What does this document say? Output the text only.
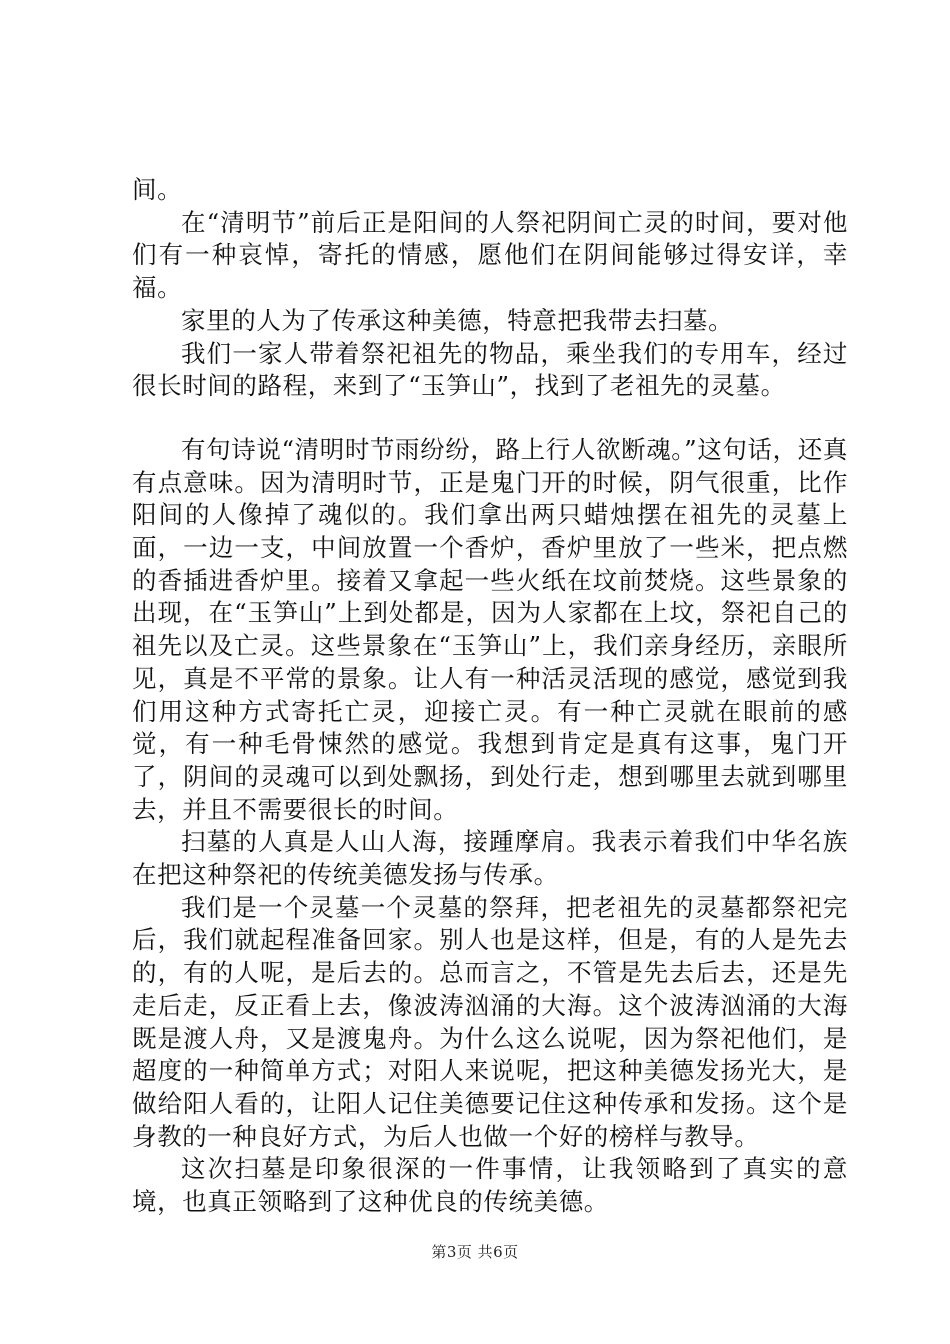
间。

在“清明节”前后正是阳间的人祭祀阴间亡灵的时间，要对他们有一种哀悼，寄托的情感，愿他们在阴间能够过得安详，幸福。

家里的人为了传承这种美德，特意把我带去扫墓。

我们一家人带着祭祀祖先的物品，乘坐我们的专用车，经过很长时间的路程，来到了“玉笋山”，找到了老祖先的灵墓。

有句诗说“清明时节雨纷纷，路上行人欲断魂。”这句话，还真有点意味。因为清明时节，正是鬼门开的时候，阴气很重，比作阳间的人像掉了魂似的。我们拿出两只蜡烛摆在祖先的灵墓上面，一边一支，中间放置一个香炉，香炉里放了一些米，把点燃的香插进香炉里。接着又拿起一些火纸在坟前焚烧。这些景象的出现，在“玉笋山”上到处都是，因为人家都在上坟，祭祀自己的祖先以及亡灵。这些景象在“玉笋山”上，我们亲身经历，亲眼所见，真是不平常的景象。让人有一种活灵活现的感觉，感觉到我们用这种方式寄托亡灵，迎接亡灵。有一种亡灵就在眼前的感觉，有一种毛骨悚然的感觉。我想到肯定是真有这事，鬼门开了，阴间的灵魂可以到处飘扬，到处行走，想到哪里去就到哪里去，并且不需要很长的时间。

扫墓的人真是人山人海，接踵摩肩。我表示着我们中华名族在把这种祭祀的传统美德发扬与传承。

我们是一个灵墓一个灵墓的祭拜，把老祖先的灵墓都祭祀完后，我们就起程准备回家。别人也是这样，但是，有的人是先去的，有的人呢，是后去的。总而言之，不管是先去后去，还是先走后走，反正看上去，像波涛汹涌的大海。这个波涛汹涌的大海既是渡人舟，又是渡鬼舟。为什么这么说呢，因为祭祀他们，是超度的一种简单方式；对阳人来说呢，把这种美德发扬光大，是做给阳人看的，让阳人记住美德要记住这种传承和发扬。这个是身教的一种良好方式，为后人也做一个好的榜样与教导。

这次扫墓是印象很深的一件事情，让我领略到了真实的意境，也真正领略到了这种优良的传统美德。

第3页 共6页
